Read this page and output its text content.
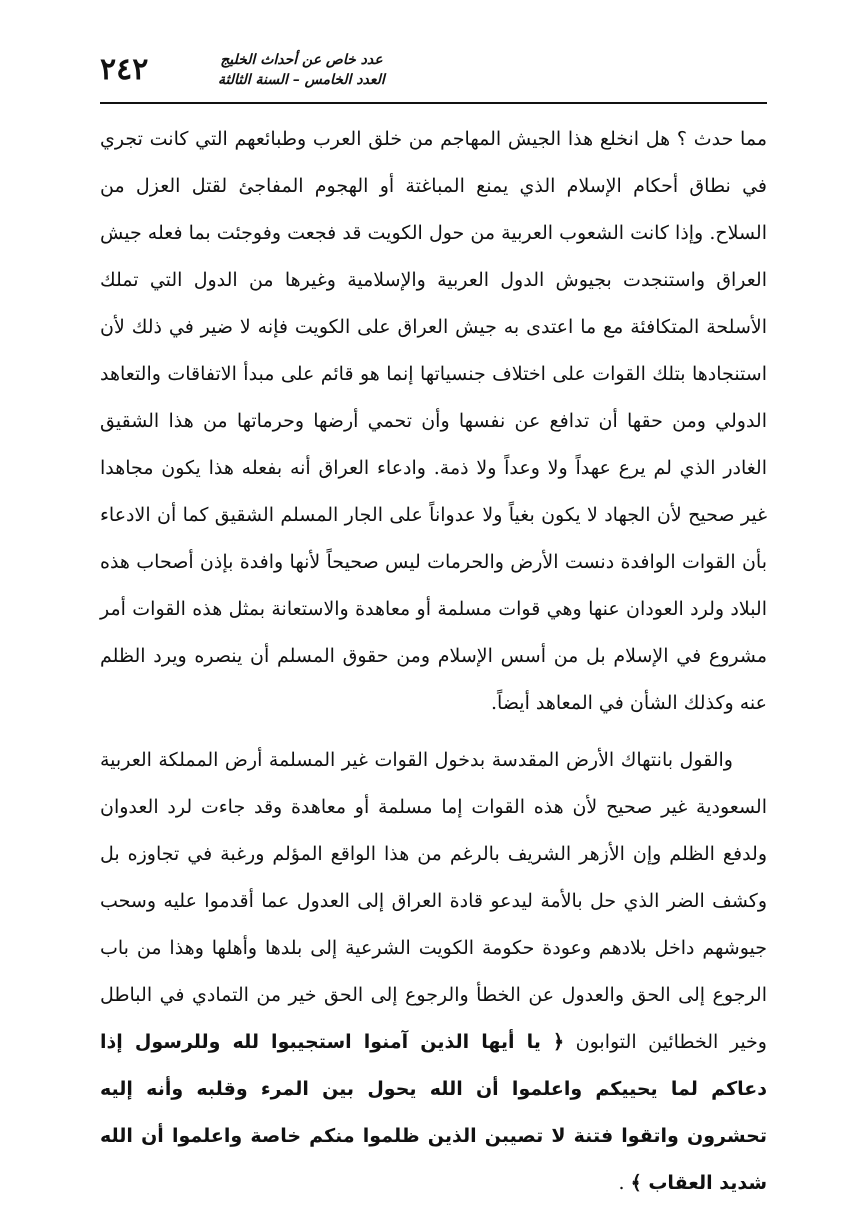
٢٤٢	عدد خاص عن أحداث الخليج
العدد الخامس – السنة الثالثة

مما حدث ؟ هل انخلع هذا الجيش المهاجم من خلق العرب وطبائعهم التي كانت تجري في نطاق أحكام الإسلام الذي يمنع المباغتة أو الهجوم المفاجئ لقتل العزل من السلاح. وإذا كانت الشعوب العربية من حول الكويت قد فجعت وفوجئت بما فعله جيش العراق واستنجدت بجيوش الدول العربية والإسلامية وغيرها من الدول التي تملك الأسلحة المتكافئة مع ما اعتدى به جيش العراق على الكويت فإنه لا ضير في ذلك لأن استنجادها بتلك القوات على اختلاف جنسياتها إنما هو قائم على مبدأ الاتفاقات والتعاهد الدولي ومن حقها أن تدافع عن نفسها وأن تحمي أرضها وحرماتها من هذا الشقيق الغادر الذي لم يرع عهداً ولا وعداً ولا ذمة. وادعاء العراق أنه بفعله هذا يكون مجاهدا غير صحيح لأن الجهاد لا يكون بغياً ولا عدواناً على الجار المسلم الشقيق كما أن الادعاء بأن القوات الوافدة دنست الأرض والحرمات ليس صحيحاً لأنها وافدة بإذن أصحاب هذه البلاد ولرد العودان عنها وهي قوات مسلمة أو معاهدة والاستعانة بمثل هذه القوات أمر مشروع في الإسلام بل من أسس الإسلام ومن حقوق المسلم أن ينصره ويرد الظلم عنه وكذلك الشأن في المعاهد أيضاً.

والقول بانتهاك الأرض المقدسة بدخول القوات غير المسلمة أرض المملكة العربية السعودية غير صحيح لأن هذه القوات إما مسلمة أو معاهدة وقد جاءت لرد العدوان ولدفع الظلم وإن الأزهر الشريف بالرغم من هذا الواقع المؤلم ورغبة في تجاوزه بل وكشف الضر الذي حل بالأمة ليدعو قادة العراق إلى العدول عما أقدموا عليه وسحب جيوشهم داخل بلادهم وعودة حكومة الكويت الشرعية إلى بلدها وأهلها وهذا من باب الرجوع إلى الحق والعدول عن الخطأ والرجوع إلى الحق خير من التمادي في الباطل وخير الخطائين التوابون ﴿ يا أيها الذين آمنوا استجيبوا لله وللرسول إذا دعاكم لما يحييكم واعلموا أن الله يحول بين المرء وقلبه وأنه إليه تحشرون واتقوا فتنة لا تصيبن الذين ظلموا منكم خاصة واعلموا أن الله شديد العقاب ﴾ .
